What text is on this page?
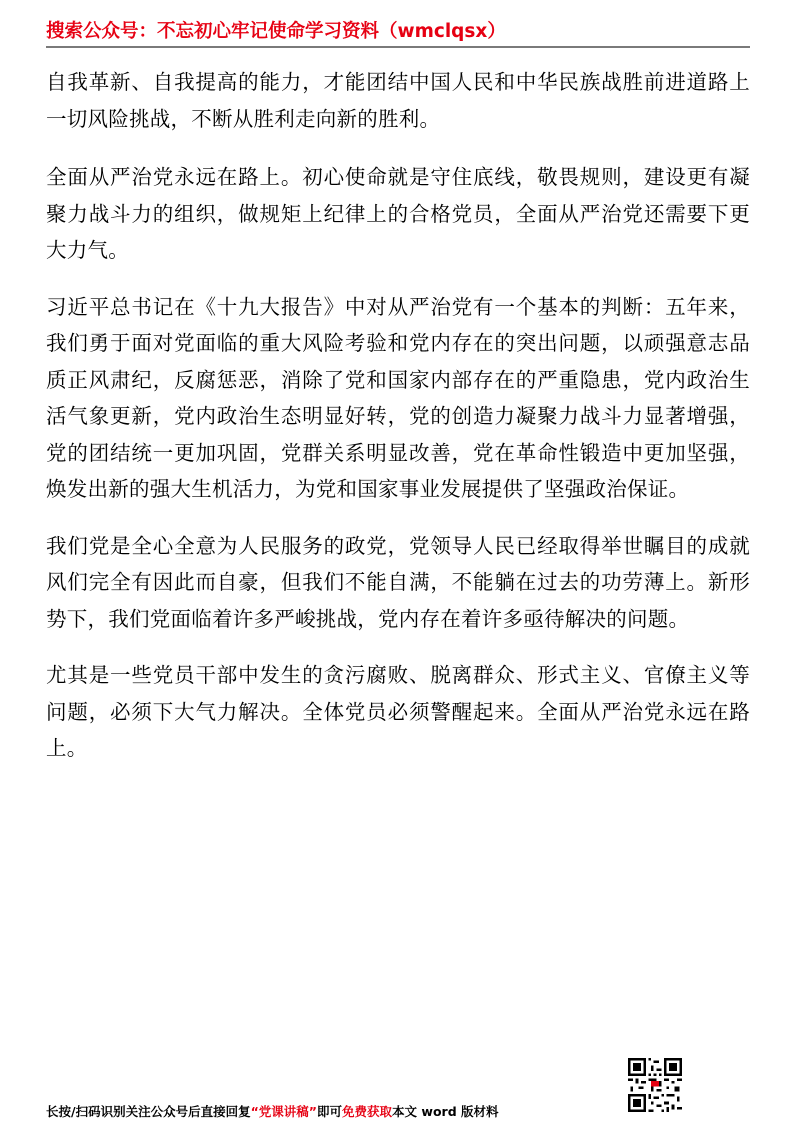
搜索公众号：不忘初心牢记使命学习资料（wmclqsx）

自我革新、自我提高的能力，才能团结中国人民和中华民族战胜前进道路上一切风险挑战，不断从胜利走向新的胜利。

全面从严治党永远在路上。初心使命就是守住底线，敬畏规则，建设更有凝聚力战斗力的组织，做规矩上纪律上的合格党员，全面从严治党还需要下更大力气。

习近平总书记在《十九大报告》中对从严治党有一个基本的判断：五年来，我们勇于面对党面临的重大风险考验和党内存在的突出问题，以顽强意志品质正风肃纪，反腐惩恶，消除了党和国家内部存在的严重隐患，党内政治生活气象更新，党内政治生态明显好转，党的创造力凝聚力战斗力显著增强，党的团结统一更加巩固，党群关系明显改善，党在革命性锻造中更加坚强，焕发出新的强大生机活力，为党和国家事业发展提供了坚强政治保证。

我们党是全心全意为人民服务的政党，党领导人民已经取得举世瞩目的成就风们完全有因此而自豪，但我们不能自满，不能躺在过去的功劳薄上。新形势下，我们党面临着许多严峻挑战，党内存在着许多亟待解决的问题。

尤其是一些党员干部中发生的贪污腐败、脱离群众、形式主义、官僚主义等问题，必须下大气力解决。全体党员必须警醒起来。全面从严治党永远在路上。

长按/扫码识别关注公众号后直接回复“党课讲稿”即可免费获取本文 word 版材料
